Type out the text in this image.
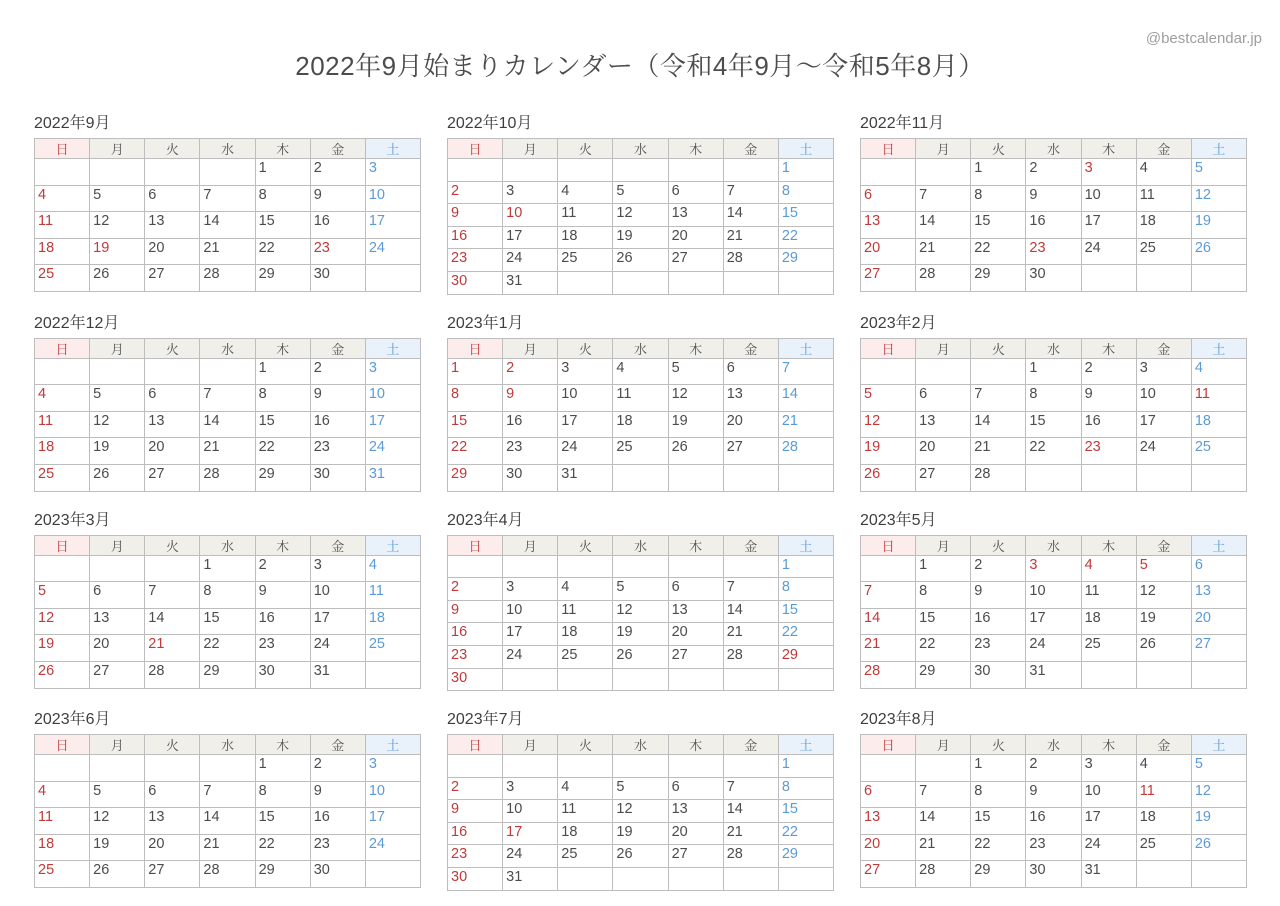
@bestcalendar.jp
2022年9月始まりカレンダー（令和4年9月～令和5年8月）
2022年9月
日	月	火	水	木	金	土
				1	2	3
4	5	6	7	8	9	10
11	12	13	14	15	16	17
18	19	20	21	22	23	24
25	26	27	28	29	30	
2022年10月
日	月	火	水	木	金	土
						1
2	3	4	5	6	7	8
9	10	11	12	13	14	15
16	17	18	19	20	21	22
23	24	25	26	27	28	29
30	31					
2022年11月
日	月	火	水	木	金	土
		1	2	3	4	5
6	7	8	9	10	11	12
13	14	15	16	17	18	19
20	21	22	23	24	25	26
27	28	29	30			
2022年12月
日	月	火	水	木	金	土
				1	2	3
4	5	6	7	8	9	10
11	12	13	14	15	16	17
18	19	20	21	22	23	24
25	26	27	28	29	30	31
2023年1月
日	月	火	水	木	金	土
1	2	3	4	5	6	7
8	9	10	11	12	13	14
15	16	17	18	19	20	21
22	23	24	25	26	27	28
29	30	31				
2023年2月
日	月	火	水	木	金	土
			1	2	3	4
5	6	7	8	9	10	11
12	13	14	15	16	17	18
19	20	21	22	23	24	25
26	27	28				
2023年3月
日	月	火	水	木	金	土
			1	2	3	4
5	6	7	8	9	10	11
12	13	14	15	16	17	18
19	20	21	22	23	24	25
26	27	28	29	30	31	
2023年4月
日	月	火	水	木	金	土
						1
2	3	4	5	6	7	8
9	10	11	12	13	14	15
16	17	18	19	20	21	22
23	24	25	26	27	28	29
30						
2023年5月
日	月	火	水	木	金	土
	1	2	3	4	5	6
7	8	9	10	11	12	13
14	15	16	17	18	19	20
21	22	23	24	25	26	27
28	29	30	31			
2023年6月
日	月	火	水	木	金	土
				1	2	3
4	5	6	7	8	9	10
11	12	13	14	15	16	17
18	19	20	21	22	23	24
25	26	27	28	29	30	
2023年7月
日	月	火	水	木	金	土
						1
2	3	4	5	6	7	8
9	10	11	12	13	14	15
16	17	18	19	20	21	22
23	24	25	26	27	28	29
30	31					
2023年8月
日	月	火	水	木	金	土
		1	2	3	4	5
6	7	8	9	10	11	12
13	14	15	16	17	18	19
20	21	22	23	24	25	26
27	28	29	30	31		
